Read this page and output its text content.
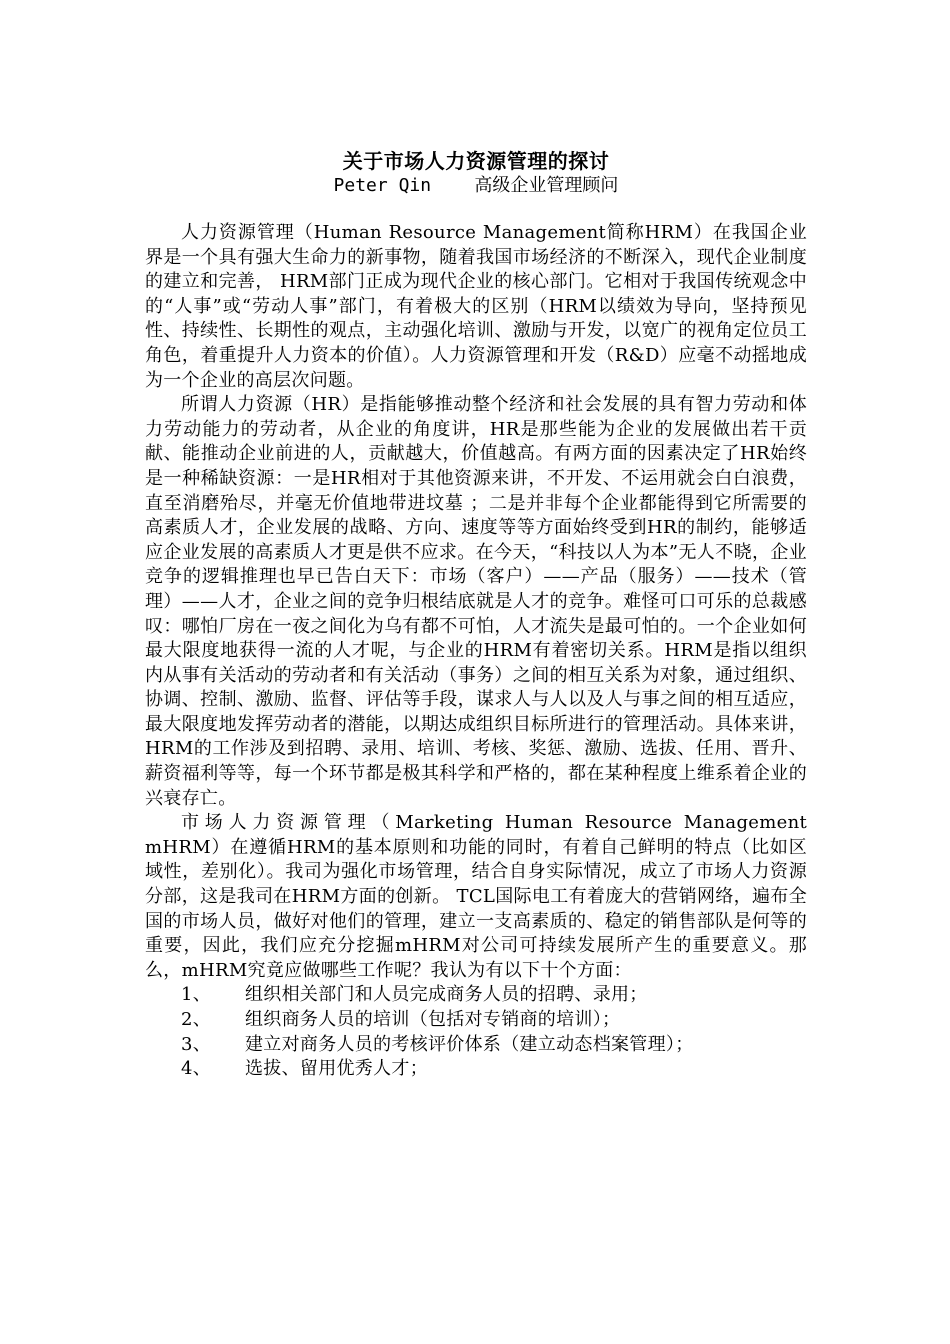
关于市场人力资源管理的探讨
Peter Qin    高级企业管理顾问

人力资源管理（Human Resource Management简称HRM）在我国企业界是一个具有强大生命力的新事物，随着我国市场经济的不断深入，现代企业制度的建立和完善， HRM部门正成为现代企业的核心部门。它相对于我国传统观念中的“人事”或“劳动人事”部门，有着极大的区别（HRM以绩效为导向，坚持预见性、持续性、长期性的观点，主动强化培训、激励与开发，以宽广的视角定位员工角色，着重提升人力资本的价值）。人力资源管理和开发（R&D）应毫不动摇地成为一个企业的高层次问题。

所谓人力资源（HR）是指能够推动整个经济和社会发展的具有智力劳动和体力劳动能力的劳动者，从企业的角度讲，HR是那些能为企业的发展做出若干贡献、能推动企业前进的人，贡献越大，价值越高。有两方面的因素决定了HR始终是一种稀缺资源：一是HR相对于其他资源来讲，不开发、不运用就会白白浪费，直至消磨殆尽，并毫无价值地带进坟墓 ；二是并非每个企业都能得到它所需要的高素质人才，企业发展的战略、方向、速度等等方面始终受到HR的制约，能够适应企业发展的高素质人才更是供不应求。在今天，“科技以人为本”无人不晓，企业竞争的逻辑推理也早已告白天下：市场（客户）——产品（服务）——技术（管理）——人才，企业之间的竞争归根结底就是人才的竞争。难怪可口可乐的总裁感叹：哪怕厂房在一夜之间化为乌有都不可怕，人才流失是最可怕的。一个企业如何最大限度地获得一流的人才呢，与企业的HRM有着密切关系。HRM是指以组织内从事有关活动的劳动者和有关活动（事务）之间的相互关系为对象，通过组织、协调、控制、激励、监督、评估等手段，谋求人与人以及人与事之间的相互适应，最大限度地发挥劳动者的潜能，以期达成组织目标所进行的管理活动。具体来讲，HRM的工作涉及到招聘、录用、培训、考核、奖惩、激励、选拔、任用、晋升、薪资福利等等，每一个环节都是极其科学和严格的，都在某种程度上维系着企业的兴衰存亡。

市场人力资源管理（Marketing Human Resource Management mHRM）在遵循HRM的基本原则和功能的同时，有着自己鲜明的特点（比如区域性，差别化）。我司为强化市场管理，结合自身实际情况，成立了市场人力资源分部，这是我司在HRM方面的创新。 TCL国际电工有着庞大的营销网络，遍布全国的市场人员，做好对他们的管理，建立一支高素质的、稳定的销售部队是何等的重要，因此，我们应充分挖掘mHRM对公司可持续发展所产生的重要意义。那么，mHRM究竟应做哪些工作呢？我认为有以下十个方面：

1、	组织相关部门和人员完成商务人员的招聘、录用；
2、	组织商务人员的培训（包括对专销商的培训）；
3、	建立对商务人员的考核评价体系（建立动态档案管理）；
4、	选拔、留用优秀人才；
